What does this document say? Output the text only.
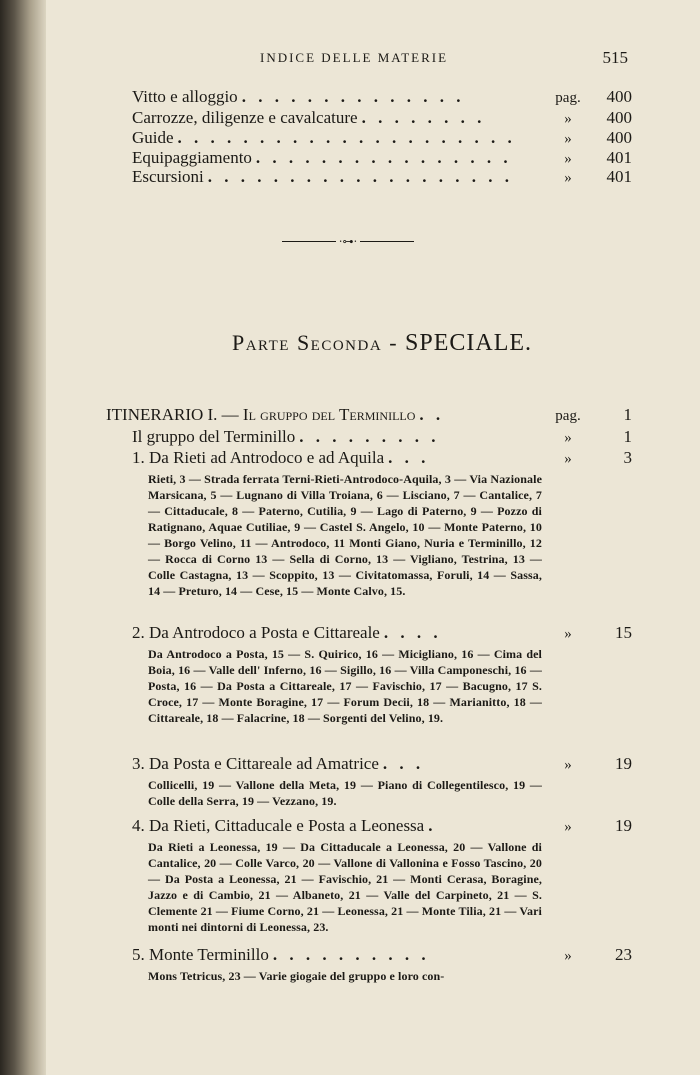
INDICE DELLE MATERIE	515
Vitto e alloggio . . . . . . . . . . . . . .	pag.	400
Carrozze, diligenze e cavalcature . . . . . . . .	»	400
Guide . . . . . . . . . . . . . . . . . . . . .	»	400
Equipaggiamento . . . . . . . . . . . . . . . .	»	401
Escursioni . . . . . . . . . . . . . . . . . . .	»	401
⋅⊶⋅
Parte Seconda - SPECIALE.
ITINERARIO I. — Il gruppo del Terminillo . .	pag.	1
Il gruppo del Terminillo . . . . . . . . .	»	1
1. Da Rieti ad Antrodoco e ad Aquila . . .	»	3
Rieti, 3 — Strada ferrata Terni-Rieti-Antrodoco-Aquila, 3 — Via Nazionale Marsicana, 5 — Lugnano di Villa Troiana, 6 — Lisciano, 7 — Cantalice, 7 — Cittaducale, 8 — Paterno, Cutilia, 9 — Lago di Paterno, 9 — Pozzo di Ratignano, Aquae Cutiliae, 9 — Castel S. Angelo, 10 — Monte Paterno, 10 — Borgo Velino, 11 — Antrodoco, 11 Monti Giano, Nuria e Terminillo, 12 — Rocca di Corno 13 — Sella di Corno, 13 — Vigliano, Testrina, 13 — Colle Castagna, 13 — Scoppito, 13 — Civitatomassa, Foruli, 14 — Sassa, 14 — Preturo, 14 — Cese, 15 — Monte Calvo, 15.
2. Da Antrodoco a Posta e Cittareale . . . .	»	15
Da Antrodoco a Posta, 15 — S. Quirico, 16 — Micigliano, 16 — Cima del Boia, 16 — Valle dell' Inferno, 16 — Sigillo, 16 — Villa Camponeschi, 16 — Posta, 16 — Da Posta a Cittareale, 17 — Favischio, 17 — Bacugno, 17 S. Croce, 17 — Monte Boragine, 17 — Forum Decii, 18 — Marianitto, 18 — Cittareale, 18 — Falacrine, 18 — Sorgenti del Velino, 19.
3. Da Posta e Cittareale ad Amatrice . . .	»	19
Collicelli, 19 — Vallone della Meta, 19 — Piano di Collegentilesco, 19 — Colle della Serra, 19 — Vezzano, 19.
4. Da Rieti, Cittaducale e Posta a Leonessa .	»	19
Da Rieti a Leonessa, 19 — Da Cittaducale a Leonessa, 20 — Vallone di Cantalice, 20 — Colle Varco, 20 — Vallone di Vallonina e Fosso Tascino, 20 — Da Posta a Leonessa, 21 — Favischio, 21 — Monti Cerasa, Boragine, Jazzo e di Cambio, 21 — Albaneto, 21 — Valle del Carpineto, 21 — S. Clemente 21 — Fiume Corno, 21 — Leonessa, 21 — Monte Tilia, 21 — Vari monti nei dintorni di Leonessa, 23.
5. Monte Terminillo . . . . . . . . . .	»	23
Mons Tetricus, 23 — Varie giogaie del gruppo e loro con-
